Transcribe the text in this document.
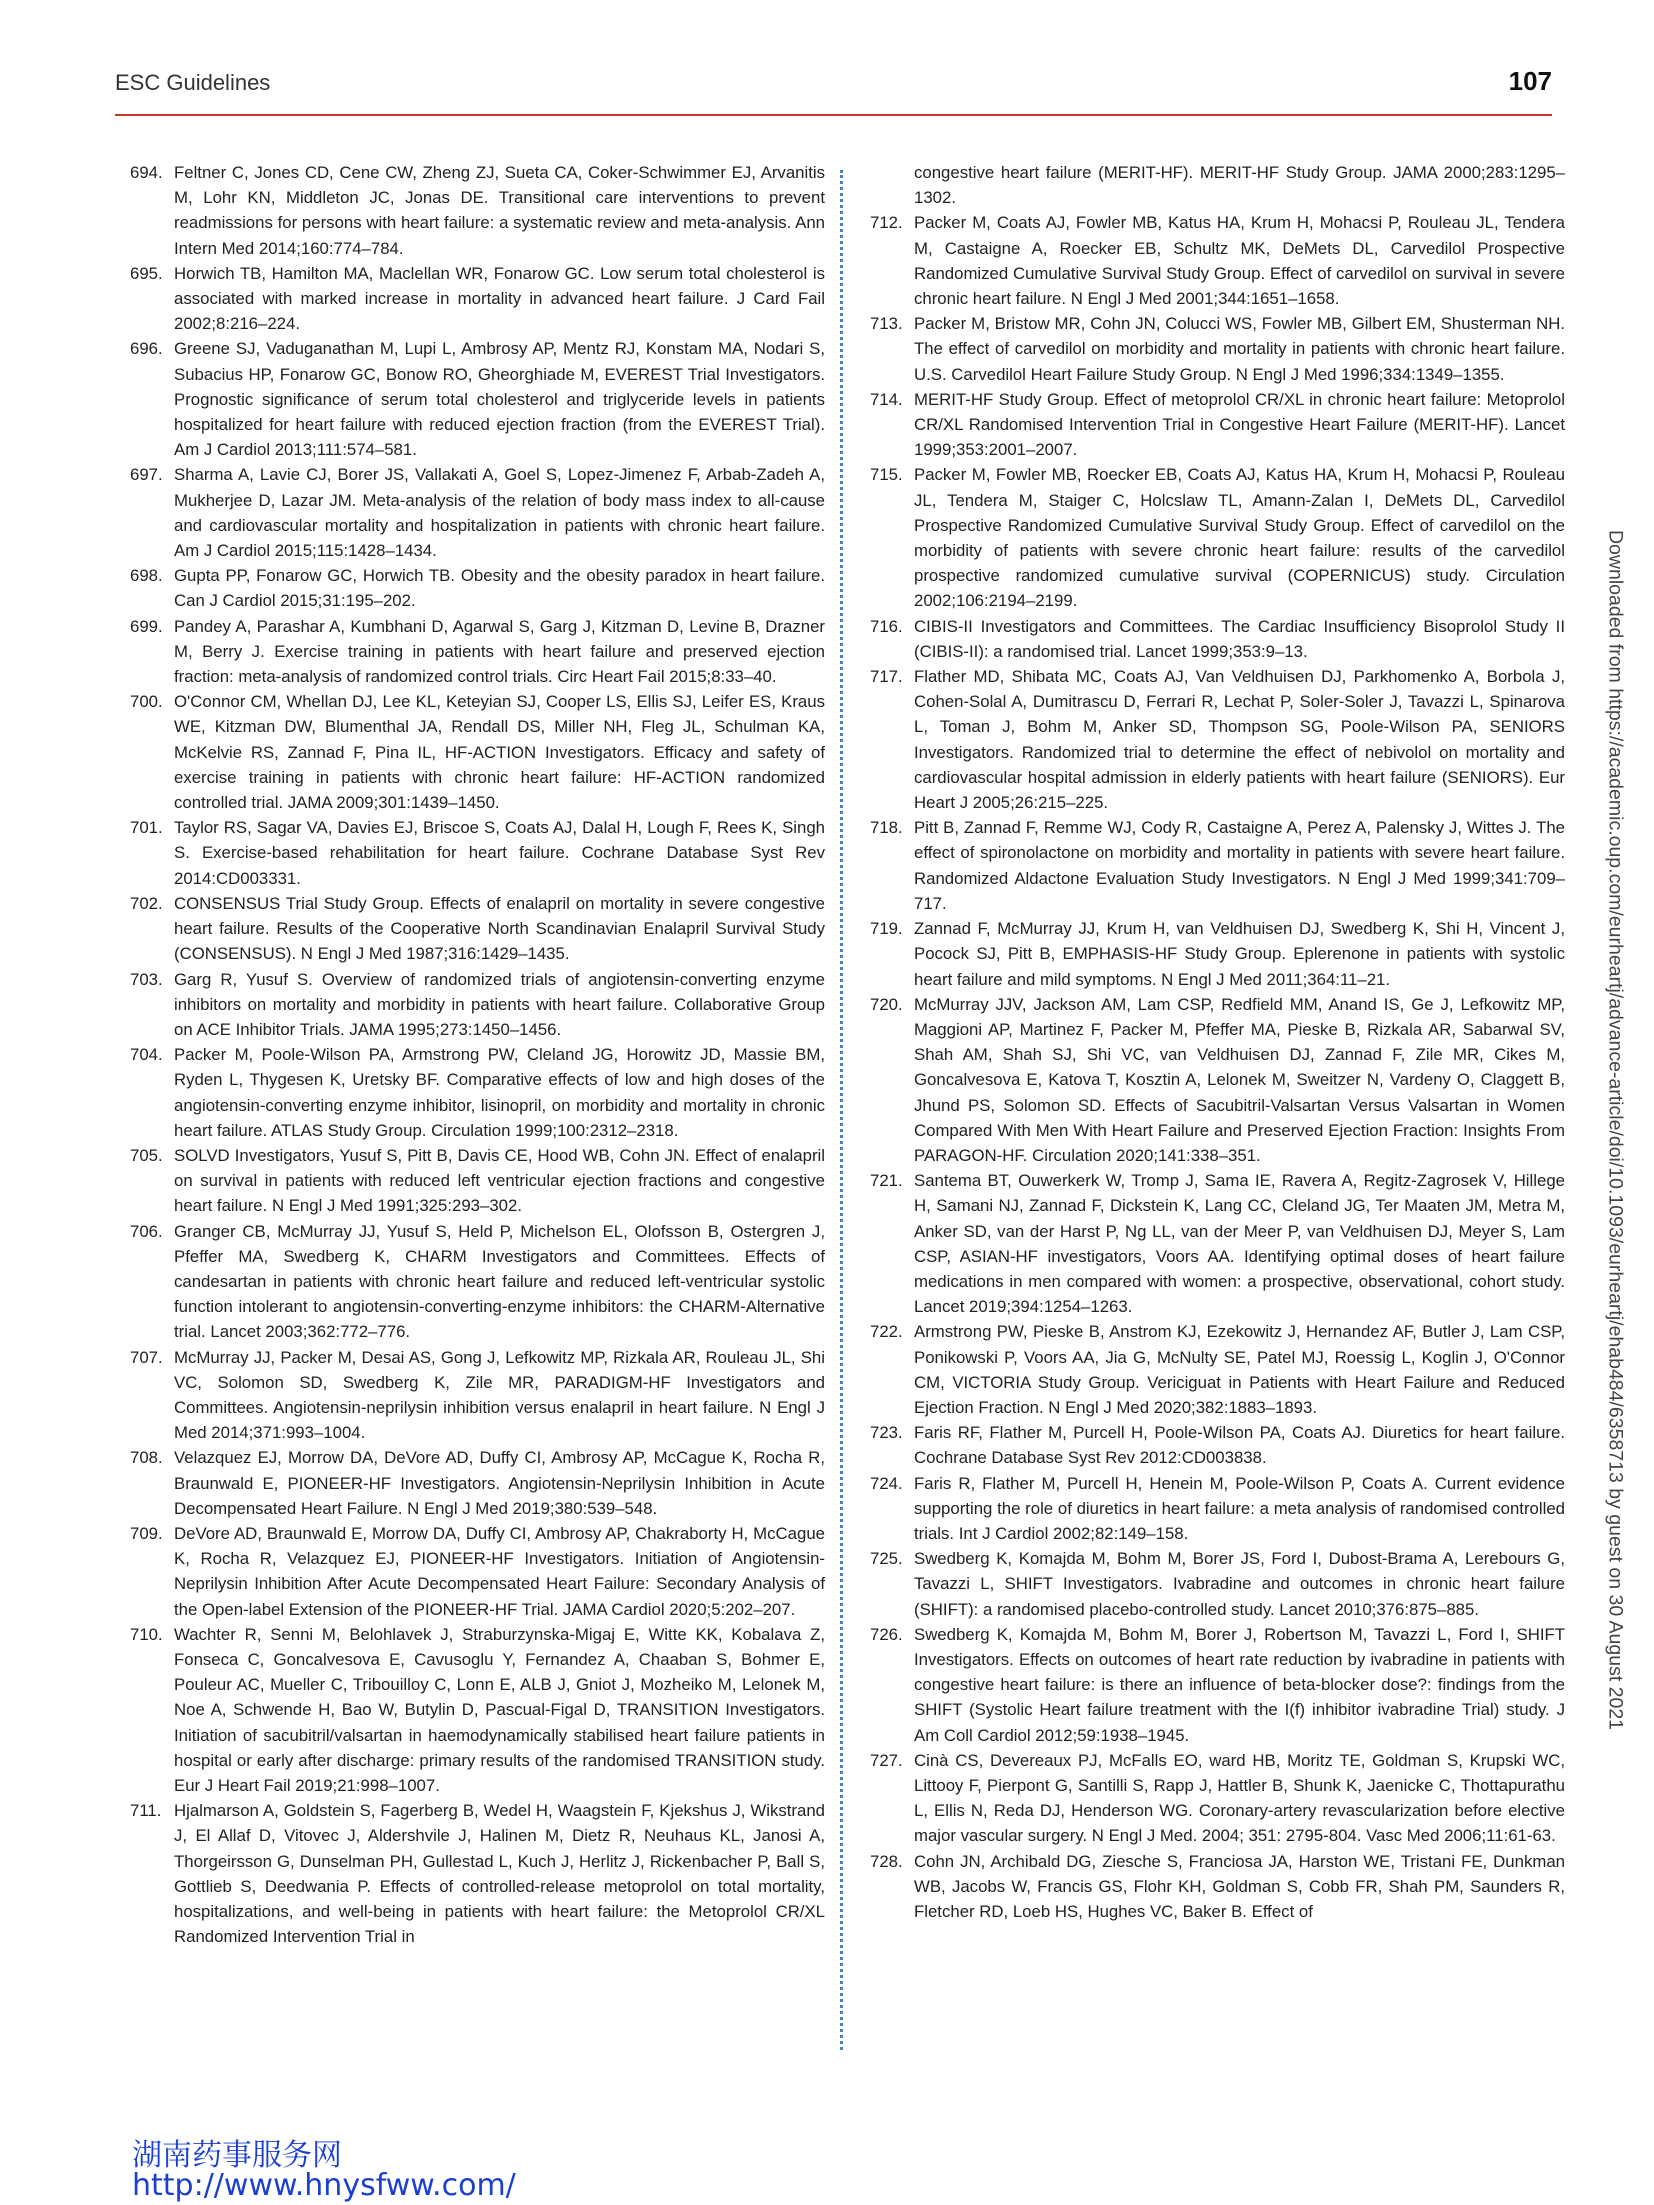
ESC Guidelines	107
694. Feltner C, Jones CD, Cene CW, Zheng ZJ, Sueta CA, Coker-Schwimmer EJ, Arvanitis M, Lohr KN, Middleton JC, Jonas DE. Transitional care interventions to prevent readmissions for persons with heart failure: a systematic review and meta-analysis. Ann Intern Med 2014;160:774–784.
695. Horwich TB, Hamilton MA, Maclellan WR, Fonarow GC. Low serum total cholesterol is associated with marked increase in mortality in advanced heart failure. J Card Fail 2002;8:216–224.
696. Greene SJ, Vaduganathan M, Lupi L, Ambrosy AP, Mentz RJ, Konstam MA, Nodari S, Subacius HP, Fonarow GC, Bonow RO, Gheorghiade M, EVEREST Trial Investigators. Prognostic significance of serum total cholesterol and triglyceride levels in patients hospitalized for heart failure with reduced ejection fraction (from the EVEREST Trial). Am J Cardiol 2013;111:574–581.
697. Sharma A, Lavie CJ, Borer JS, Vallakati A, Goel S, Lopez-Jimenez F, Arbab-Zadeh A, Mukherjee D, Lazar JM. Meta-analysis of the relation of body mass index to all-cause and cardiovascular mortality and hospitalization in patients with chronic heart failure. Am J Cardiol 2015;115:1428–1434.
698. Gupta PP, Fonarow GC, Horwich TB. Obesity and the obesity paradox in heart failure. Can J Cardiol 2015;31:195–202.
699. Pandey A, Parashar A, Kumbhani D, Agarwal S, Garg J, Kitzman D, Levine B, Drazner M, Berry J. Exercise training in patients with heart failure and preserved ejection fraction: meta-analysis of randomized control trials. Circ Heart Fail 2015;8:33–40.
700. O'Connor CM, Whellan DJ, Lee KL, Keteyian SJ, Cooper LS, Ellis SJ, Leifer ES, Kraus WE, Kitzman DW, Blumenthal JA, Rendall DS, Miller NH, Fleg JL, Schulman KA, McKelvie RS, Zannad F, Pina IL, HF-ACTION Investigators. Efficacy and safety of exercise training in patients with chronic heart failure: HF-ACTION randomized controlled trial. JAMA 2009;301:1439–1450.
701. Taylor RS, Sagar VA, Davies EJ, Briscoe S, Coats AJ, Dalal H, Lough F, Rees K, Singh S. Exercise-based rehabilitation for heart failure. Cochrane Database Syst Rev 2014:CD003331.
702. CONSENSUS Trial Study Group. Effects of enalapril on mortality in severe congestive heart failure. Results of the Cooperative North Scandinavian Enalapril Survival Study (CONSENSUS). N Engl J Med 1987;316:1429–1435.
703. Garg R, Yusuf S. Overview of randomized trials of angiotensin-converting enzyme inhibitors on mortality and morbidity in patients with heart failure. Collaborative Group on ACE Inhibitor Trials. JAMA 1995;273:1450–1456.
704. Packer M, Poole-Wilson PA, Armstrong PW, Cleland JG, Horowitz JD, Massie BM, Ryden L, Thygesen K, Uretsky BF. Comparative effects of low and high doses of the angiotensin-converting enzyme inhibitor, lisinopril, on morbidity and mortality in chronic heart failure. ATLAS Study Group. Circulation 1999;100:2312–2318.
705. SOLVD Investigators, Yusuf S, Pitt B, Davis CE, Hood WB, Cohn JN. Effect of enalapril on survival in patients with reduced left ventricular ejection fractions and congestive heart failure. N Engl J Med 1991;325:293–302.
706. Granger CB, McMurray JJ, Yusuf S, Held P, Michelson EL, Olofsson B, Ostergren J, Pfeffer MA, Swedberg K, CHARM Investigators and Committees. Effects of candesartan in patients with chronic heart failure and reduced left-ventricular systolic function intolerant to angiotensin-converting-enzyme inhibitors: the CHARM-Alternative trial. Lancet 2003;362:772–776.
707. McMurray JJ, Packer M, Desai AS, Gong J, Lefkowitz MP, Rizkala AR, Rouleau JL, Shi VC, Solomon SD, Swedberg K, Zile MR, PARADIGM-HF Investigators and Committees. Angiotensin-neprilysin inhibition versus enalapril in heart failure. N Engl J Med 2014;371:993–1004.
708. Velazquez EJ, Morrow DA, DeVore AD, Duffy CI, Ambrosy AP, McCague K, Rocha R, Braunwald E, PIONEER-HF Investigators. Angiotensin-Neprilysin Inhibition in Acute Decompensated Heart Failure. N Engl J Med 2019;380:539–548.
709. DeVore AD, Braunwald E, Morrow DA, Duffy CI, Ambrosy AP, Chakraborty H, McCague K, Rocha R, Velazquez EJ, PIONEER-HF Investigators. Initiation of Angiotensin-Neprilysin Inhibition After Acute Decompensated Heart Failure: Secondary Analysis of the Open-label Extension of the PIONEER-HF Trial. JAMA Cardiol 2020;5:202–207.
710. Wachter R, Senni M, Belohlavek J, Straburzynska-Migaj E, Witte KK, Kobalava Z, Fonseca C, Goncalvesova E, Cavusoglu Y, Fernandez A, Chaaban S, Bohmer E, Pouleur AC, Mueller C, Tribouilloy C, Lonn E, ALB J, Gniot J, Mozheiko M, Lelonek M, Noe A, Schwende H, Bao W, Butylin D, Pascual-Figal D, TRANSITION Investigators. Initiation of sacubitril/valsartan in haemodynamically stabilised heart failure patients in hospital or early after discharge: primary results of the randomised TRANSITION study. Eur J Heart Fail 2019;21:998–1007.
711. Hjalmarson A, Goldstein S, Fagerberg B, Wedel H, Waagstein F, Kjekshus J, Wikstrand J, El Allaf D, Vitovec J, Aldershvile J, Halinen M, Dietz R, Neuhaus KL, Janosi A, Thorgeirsson G, Dunselman PH, Gullestad L, Kuch J, Herlitz J, Rickenbacher P, Ball S, Gottlieb S, Deedwania P. Effects of controlled-release metoprolol on total mortality, hospitalizations, and well-being in patients with heart failure: the Metoprolol CR/XL Randomized Intervention Trial in
congestive heart failure (MERIT-HF). MERIT-HF Study Group. JAMA 2000;283:1295–1302.
712. Packer M, Coats AJ, Fowler MB, Katus HA, Krum H, Mohacsi P, Rouleau JL, Tendera M, Castaigne A, Roecker EB, Schultz MK, DeMets DL, Carvedilol Prospective Randomized Cumulative Survival Study Group. Effect of carvedilol on survival in severe chronic heart failure. N Engl J Med 2001;344:1651–1658.
713. Packer M, Bristow MR, Cohn JN, Colucci WS, Fowler MB, Gilbert EM, Shusterman NH. The effect of carvedilol on morbidity and mortality in patients with chronic heart failure. U.S. Carvedilol Heart Failure Study Group. N Engl J Med 1996;334:1349–1355.
714. MERIT-HF Study Group. Effect of metoprolol CR/XL in chronic heart failure: Metoprolol CR/XL Randomised Intervention Trial in Congestive Heart Failure (MERIT-HF). Lancet 1999;353:2001–2007.
715. Packer M, Fowler MB, Roecker EB, Coats AJ, Katus HA, Krum H, Mohacsi P, Rouleau JL, Tendera M, Staiger C, Holcslaw TL, Amann-Zalan I, DeMets DL, Carvedilol Prospective Randomized Cumulative Survival Study Group. Effect of carvedilol on the morbidity of patients with severe chronic heart failure: results of the carvedilol prospective randomized cumulative survival (COPERNICUS) study. Circulation 2002;106:2194–2199.
716. CIBIS-II Investigators and Committees. The Cardiac Insufficiency Bisoprolol Study II (CIBIS-II): a randomised trial. Lancet 1999;353:9–13.
717. Flather MD, Shibata MC, Coats AJ, Van Veldhuisen DJ, Parkhomenko A, Borbola J, Cohen-Solal A, Dumitrascu D, Ferrari R, Lechat P, Soler-Soler J, Tavazzi L, Spinarova L, Toman J, Bohm M, Anker SD, Thompson SG, Poole-Wilson PA, SENIORS Investigators. Randomized trial to determine the effect of nebivolol on mortality and cardiovascular hospital admission in elderly patients with heart failure (SENIORS). Eur Heart J 2005;26:215–225.
718. Pitt B, Zannad F, Remme WJ, Cody R, Castaigne A, Perez A, Palensky J, Wittes J. The effect of spironolactone on morbidity and mortality in patients with severe heart failure. Randomized Aldactone Evaluation Study Investigators. N Engl J Med 1999;341:709–717.
719. Zannad F, McMurray JJ, Krum H, van Veldhuisen DJ, Swedberg K, Shi H, Vincent J, Pocock SJ, Pitt B, EMPHASIS-HF Study Group. Eplerenone in patients with systolic heart failure and mild symptoms. N Engl J Med 2011;364:11–21.
720. McMurray JJV, Jackson AM, Lam CSP, Redfield MM, Anand IS, Ge J, Lefkowitz MP, Maggioni AP, Martinez F, Packer M, Pfeffer MA, Pieske B, Rizkala AR, Sabarwal SV, Shah AM, Shah SJ, Shi VC, van Veldhuisen DJ, Zannad F, Zile MR, Cikes M, Goncalvesova E, Katova T, Kosztin A, Lelonek M, Sweitzer N, Vardeny O, Claggett B, Jhund PS, Solomon SD. Effects of Sacubitril-Valsartan Versus Valsartan in Women Compared With Men With Heart Failure and Preserved Ejection Fraction: Insights From PARAGON-HF. Circulation 2020;141:338–351.
721. Santema BT, Ouwerkerk W, Tromp J, Sama IE, Ravera A, Regitz-Zagrosek V, Hillege H, Samani NJ, Zannad F, Dickstein K, Lang CC, Cleland JG, Ter Maaten JM, Metra M, Anker SD, van der Harst P, Ng LL, van der Meer P, van Veldhuisen DJ, Meyer S, Lam CSP, ASIAN-HF investigators, Voors AA. Identifying optimal doses of heart failure medications in men compared with women: a prospective, observational, cohort study. Lancet 2019;394:1254–1263.
722. Armstrong PW, Pieske B, Anstrom KJ, Ezekowitz J, Hernandez AF, Butler J, Lam CSP, Ponikowski P, Voors AA, Jia G, McNulty SE, Patel MJ, Roessig L, Koglin J, O'Connor CM, VICTORIA Study Group. Vericiguat in Patients with Heart Failure and Reduced Ejection Fraction. N Engl J Med 2020;382:1883–1893.
723. Faris RF, Flather M, Purcell H, Poole-Wilson PA, Coats AJ. Diuretics for heart failure. Cochrane Database Syst Rev 2012:CD003838.
724. Faris R, Flather M, Purcell H, Henein M, Poole-Wilson P, Coats A. Current evidence supporting the role of diuretics in heart failure: a meta analysis of randomised controlled trials. Int J Cardiol 2002;82:149–158.
725. Swedberg K, Komajda M, Bohm M, Borer JS, Ford I, Dubost-Brama A, Lerebours G, Tavazzi L, SHIFT Investigators. Ivabradine and outcomes in chronic heart failure (SHIFT): a randomised placebo-controlled study. Lancet 2010;376:875–885.
726. Swedberg K, Komajda M, Bohm M, Borer J, Robertson M, Tavazzi L, Ford I, SHIFT Investigators. Effects on outcomes of heart rate reduction by ivabradine in patients with congestive heart failure: is there an influence of beta-blocker dose?: findings from the SHIFT (Systolic Heart failure treatment with the I(f) inhibitor ivabradine Trial) study. J Am Coll Cardiol 2012;59:1938–1945.
727. Cinà CS, Devereaux PJ, McFalls EO, ward HB, Moritz TE, Goldman S, Krupski WC, Littooy F, Pierpont G, Santilli S, Rapp J, Hattler B, Shunk K, Jaenicke C, Thottapurathu L, Ellis N, Reda DJ, Henderson WG. Coronary-artery revascularization before elective major vascular surgery. N Engl J Med. 2004; 351: 2795-804. Vasc Med 2006;11:61-63.
728. Cohn JN, Archibald DG, Ziesche S, Franciosa JA, Harston WE, Tristani FE, Dunkman WB, Jacobs W, Francis GS, Flohr KH, Goldman S, Cobb FR, Shah PM, Saunders R, Fletcher RD, Loeb HS, Hughes VC, Baker B. Effect of
Downloaded from https://academic.oup.com/eurheartj/advance-article/doi/10.1093/eurheartj/ehab484/6358713 by guest on 30 August 2021
湖南药事服务网
http://www.hnysfww.com/
